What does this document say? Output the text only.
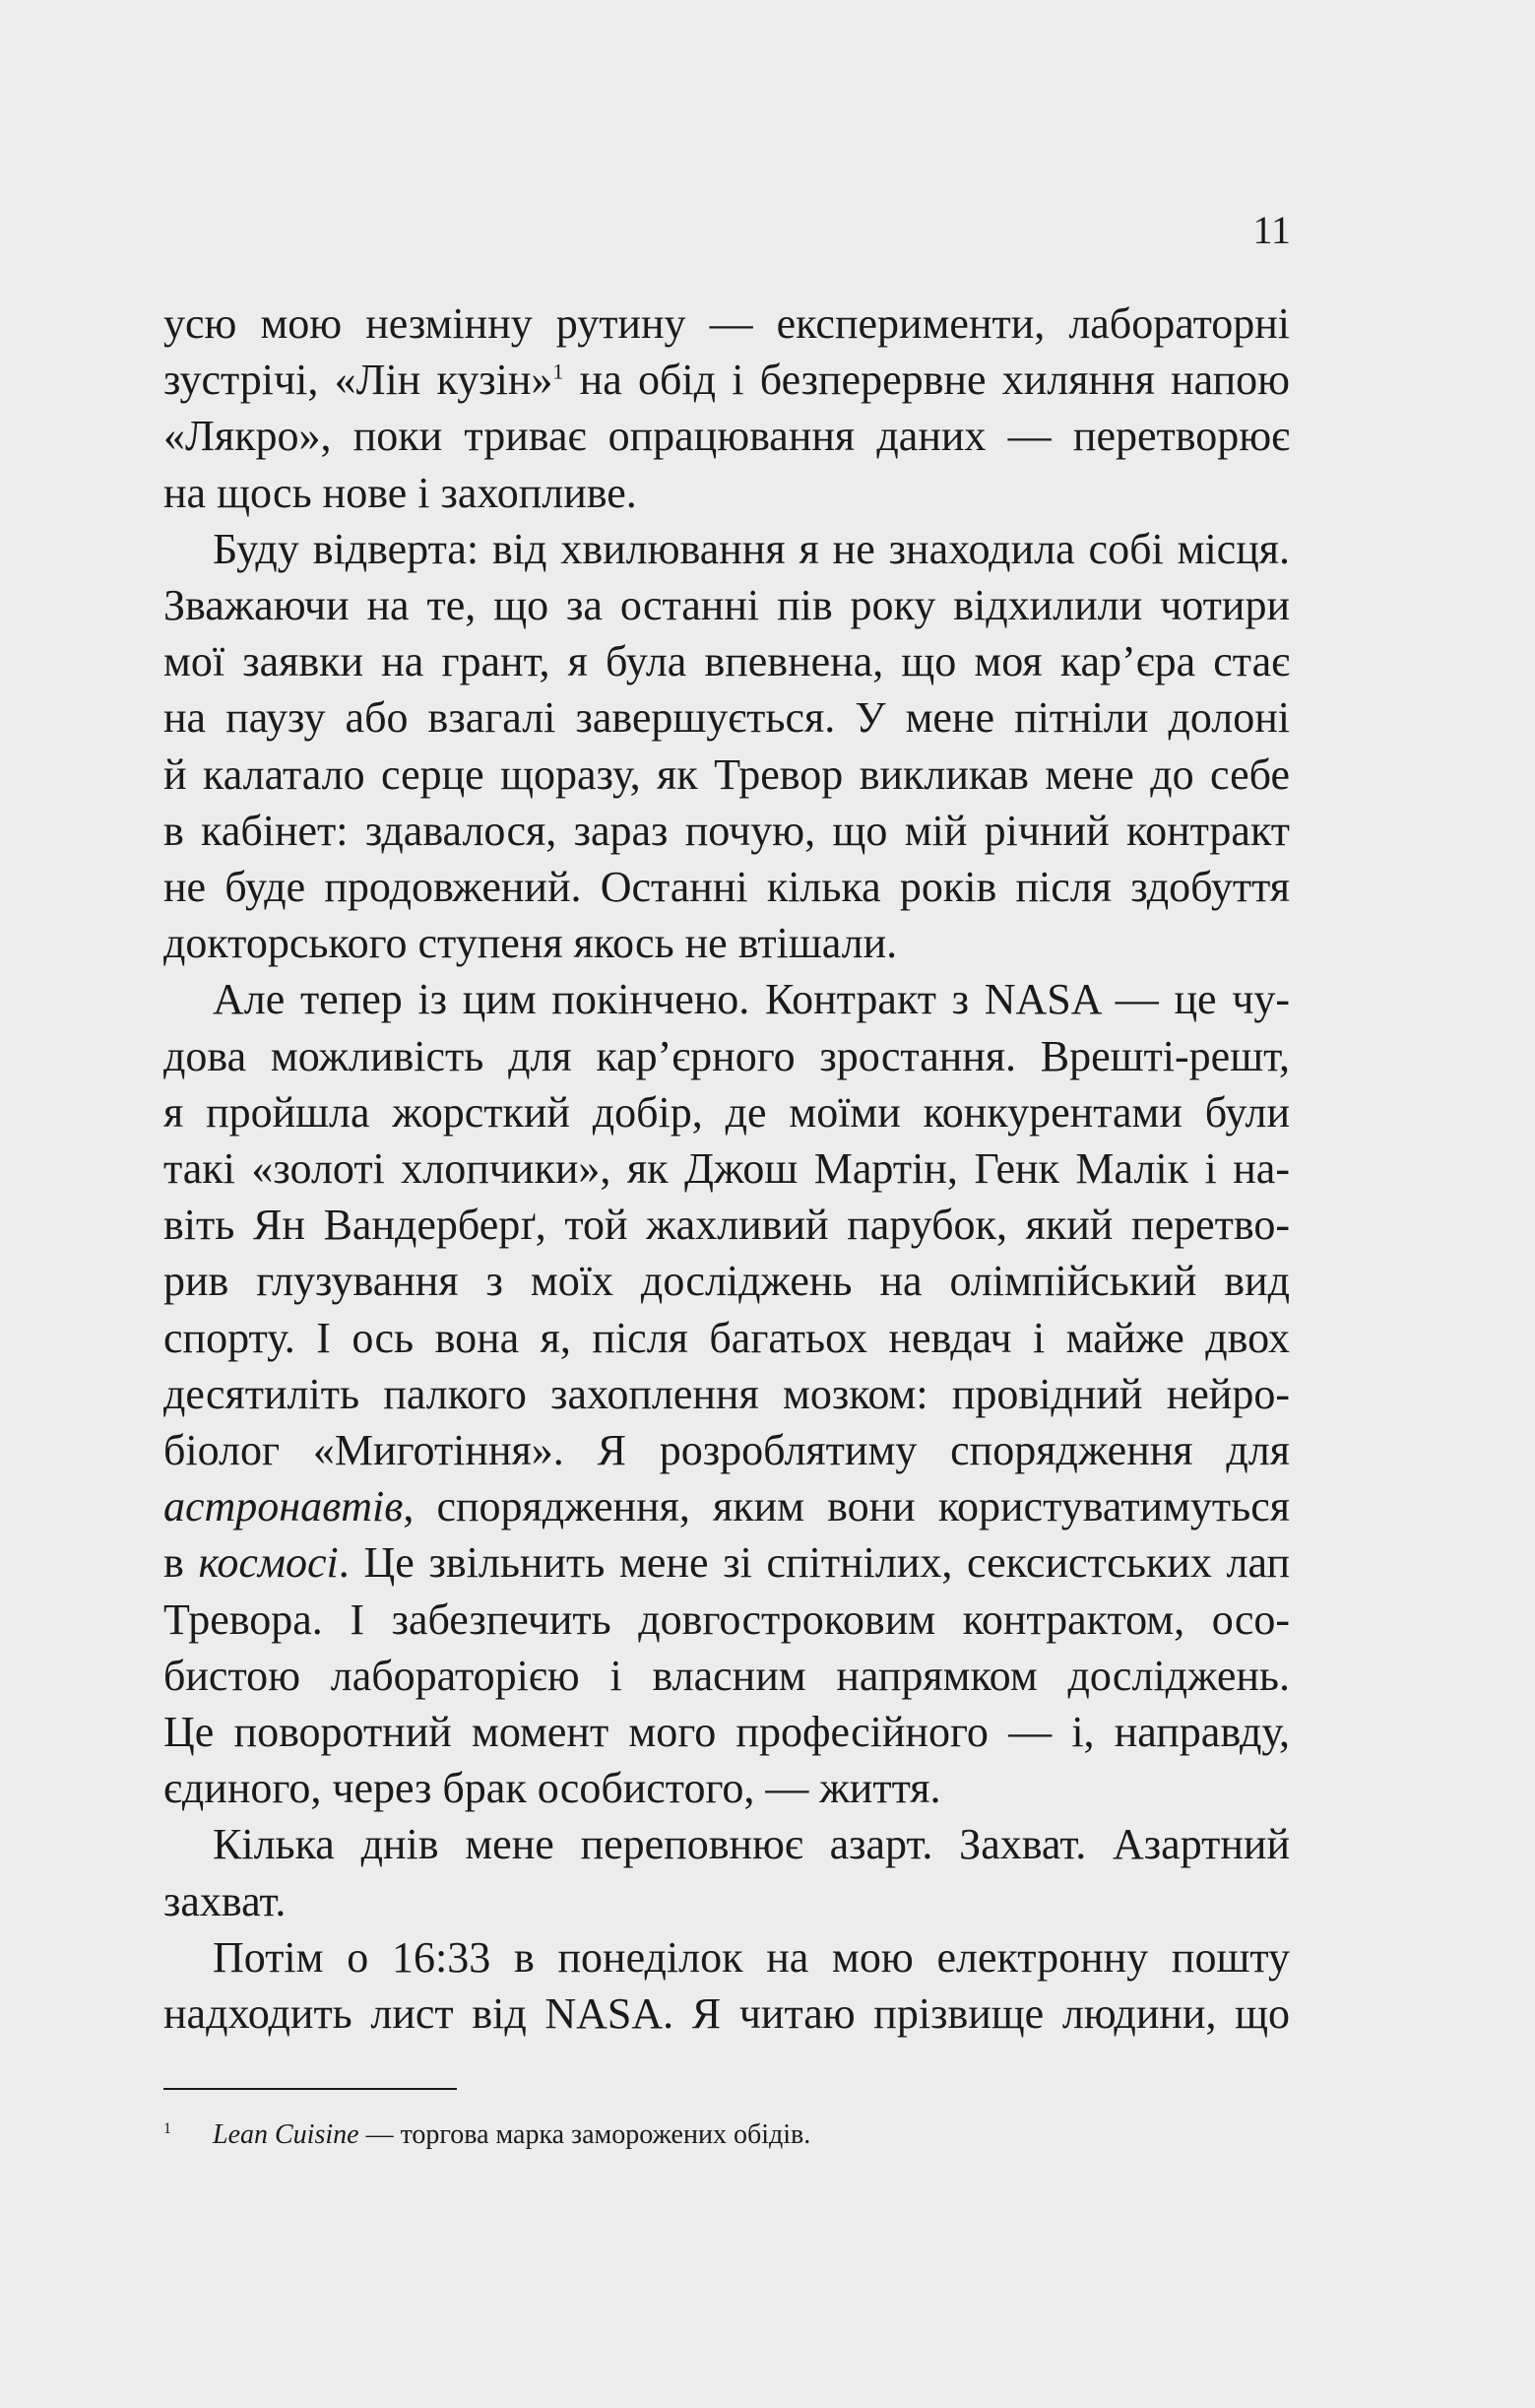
11

усю мою незмінну рутину — експерименти, лабораторні

зустрічі, «Лін кузін»$^1$ на обід і безперервне хиляння напою

«Лякро», поки триває опрацювання даних — перетворює

на щось нове і захопливе.

Буду відверта: від хвилювання я не знаходила собі місця.

Зважаючи на те, що за останні пів року відхилили чотири

мої заявки на грант, я була впевнена, що моя кар’єра стає

на паузу або взагалі завершується. У мене пітніли долоні

й калатало серце щоразу, як Тревор викликав мене до себе

в кабінет: здавалося, зараз почую, що мій річний контракт

не буде продовжений. Останні кілька років після здобуття

докторського ступеня якось не втішали.

Але тепер із цим покінчено. Контракт з NASA — це чу-

дова можливість для кар’єрного зростання. Врешті-решт,

я пройшла жорсткий добір, де моїми конкурентами були

такі «золоті хлопчики», як Джош Мартін, Генк Малік і на-

віть Ян Вандерберґ, той жахливий парубок, який перетво-

рив глузування з моїх досліджень на олімпійський вид

спорту. І ось вона я, після багатьох невдач і майже двох

десятиліть палкого захоплення мозком: провідний нейро-

біолог «Миготіння». Я розроблятиму спорядження для

астронавтів, спорядження, яким вони користуватимуться

в космосі. Це звільнить мене зі спітнілих, сексистських лап

Тревора. І забезпечить довгостроковим контрактом, осо-

бистою лабораторією і власним напрямком досліджень.

Це поворотний момент мого професійного — і, направду,

єдиного, через брак особистого, — життя.

Кілька днів мене переповнює азарт. Захват. Азартний

захват.

Потім о 16:33 в понеділок на мою електронну пошту

надходить лист від NASA. Я читаю прізвище людини, що

1 Lean Cuisine — торгова марка заморожених обідів.
